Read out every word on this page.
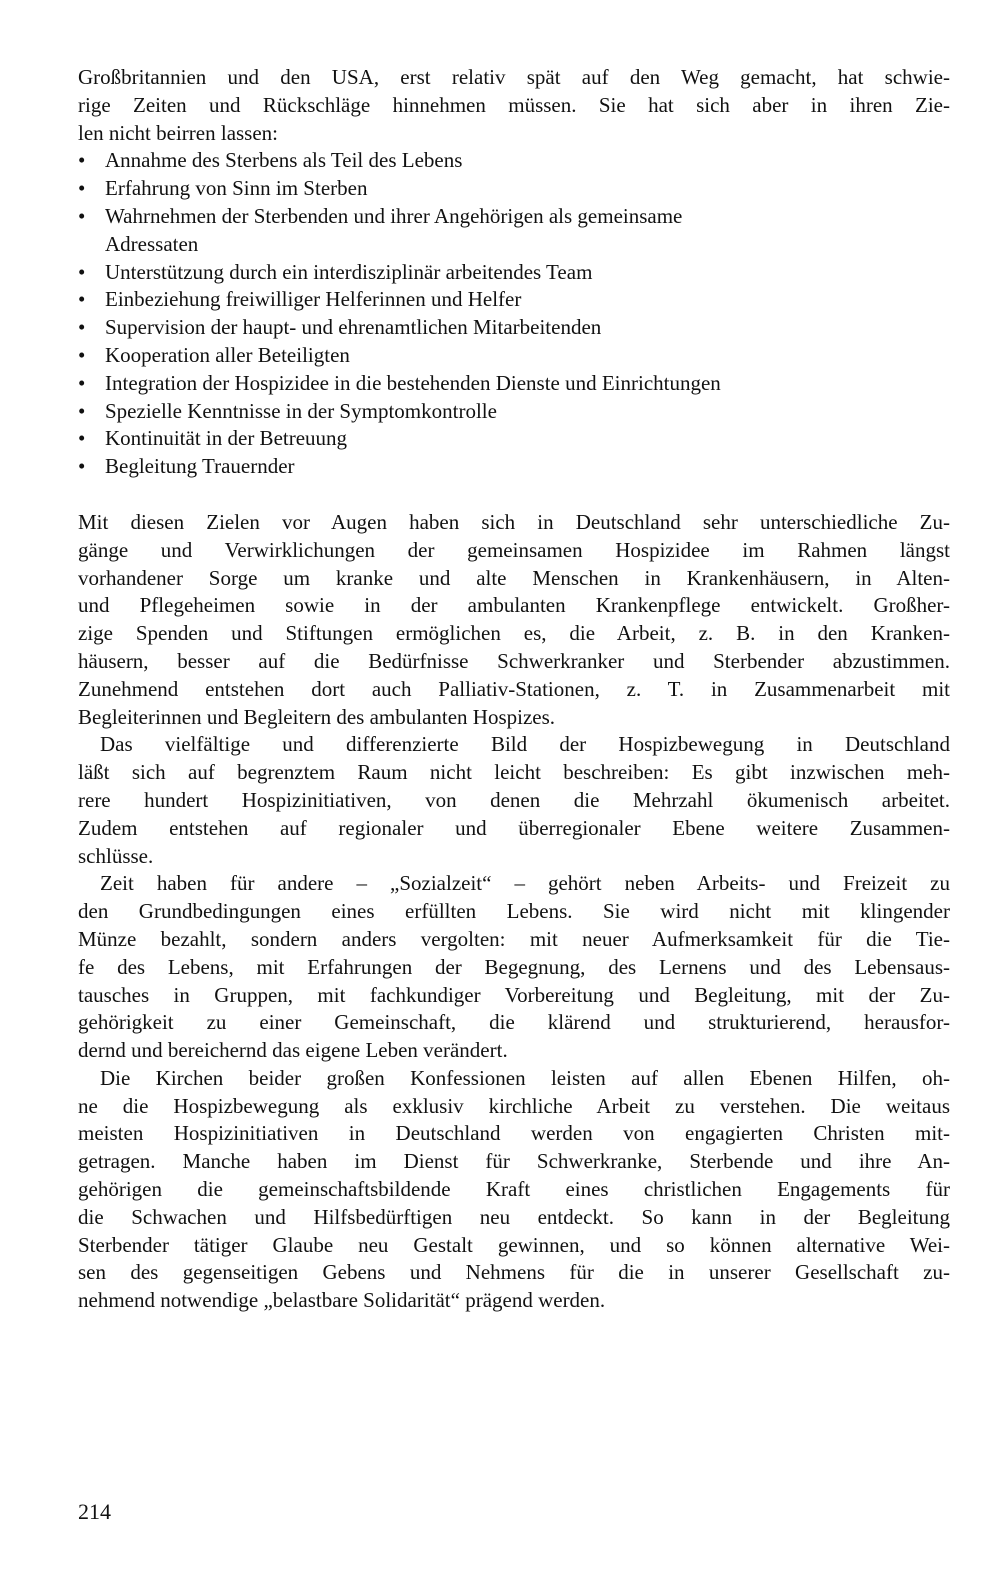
Großbritannien und den USA, erst relativ spät auf den Weg gemacht, hat schwie-
rige Zeiten und Rückschläge hinnehmen müssen. Sie hat sich aber in ihren Zie-
len nicht beirren lassen:
• Annahme des Sterbens als Teil des Lebens
• Erfahrung von Sinn im Sterben
• Wahrnehmen der Sterbenden und ihrer Angehörigen als gemeinsame
Adressaten
• Unterstützung durch ein interdisziplinär arbeitendes Team
• Einbeziehung freiwilliger Helferinnen und Helfer
• Supervision der haupt- und ehrenamtlichen Mitarbeitenden
• Kooperation aller Beteiligten
• Integration der Hospizidee in die bestehenden Dienste und Einrichtungen
• Spezielle Kenntnisse in der Symptomkontrolle
• Kontinuität in der Betreuung
• Begleitung Trauernder
Mit diesen Zielen vor Augen haben sich in Deutschland sehr unterschiedliche Zu-
gänge und Verwirklichungen der gemeinsamen Hospizidee im Rahmen längst
vorhandener Sorge um kranke und alte Menschen in Krankenhäusern, in Alten-
und Pflegeheimen sowie in der ambulanten Krankenpflege entwickelt. Großher-
zige Spenden und Stiftungen ermöglichen es, die Arbeit, z. B. in den Kranken-
häusern, besser auf die Bedürfnisse Schwerkranker und Sterbender abzustimmen.
Zunehmend entstehen dort auch Palliativ-Stationen, z. T. in Zusammenarbeit mit
Begleiterinnen und Begleitern des ambulanten Hospizes.
Das vielfältige und differenzierte Bild der Hospizbewegung in Deutschland
läßt sich auf begrenztem Raum nicht leicht beschreiben: Es gibt inzwischen meh-
rere hundert Hospizinitiativen, von denen die Mehrzahl ökumenisch arbeitet.
Zudem entstehen auf regionaler und überregionaler Ebene weitere Zusammen-
schlüsse.
Zeit haben für andere – „Sozialzeit“ – gehört neben Arbeits- und Freizeit zu
den Grundbedingungen eines erfüllten Lebens. Sie wird nicht mit klingender
Münze bezahlt, sondern anders vergolten: mit neuer Aufmerksamkeit für die Tie-
fe des Lebens, mit Erfahrungen der Begegnung, des Lernens und des Lebensaus-
tausches in Gruppen, mit fachkundiger Vorbereitung und Begleitung, mit der Zu-
gehörigkeit zu einer Gemeinschaft, die klärend und strukturierend, herausfor-
dernd und bereichernd das eigene Leben verändert.
Die Kirchen beider großen Konfessionen leisten auf allen Ebenen Hilfen, oh-
ne die Hospizbewegung als exklusiv kirchliche Arbeit zu verstehen. Die weitaus
meisten Hospizinitiativen in Deutschland werden von engagierten Christen mit-
getragen. Manche haben im Dienst für Schwerkranke, Sterbende und ihre An-
gehörigen die gemeinschaftsbildende Kraft eines christlichen Engagements für
die Schwachen und Hilfsbedürftigen neu entdeckt. So kann in der Begleitung
Sterbender tätiger Glaube neu Gestalt gewinnen, und so können alternative Wei-
sen des gegenseitigen Gebens und Nehmens für die in unserer Gesellschaft zu-
nehmend notwendige „belastbare Solidarität“ prägend werden.
214
